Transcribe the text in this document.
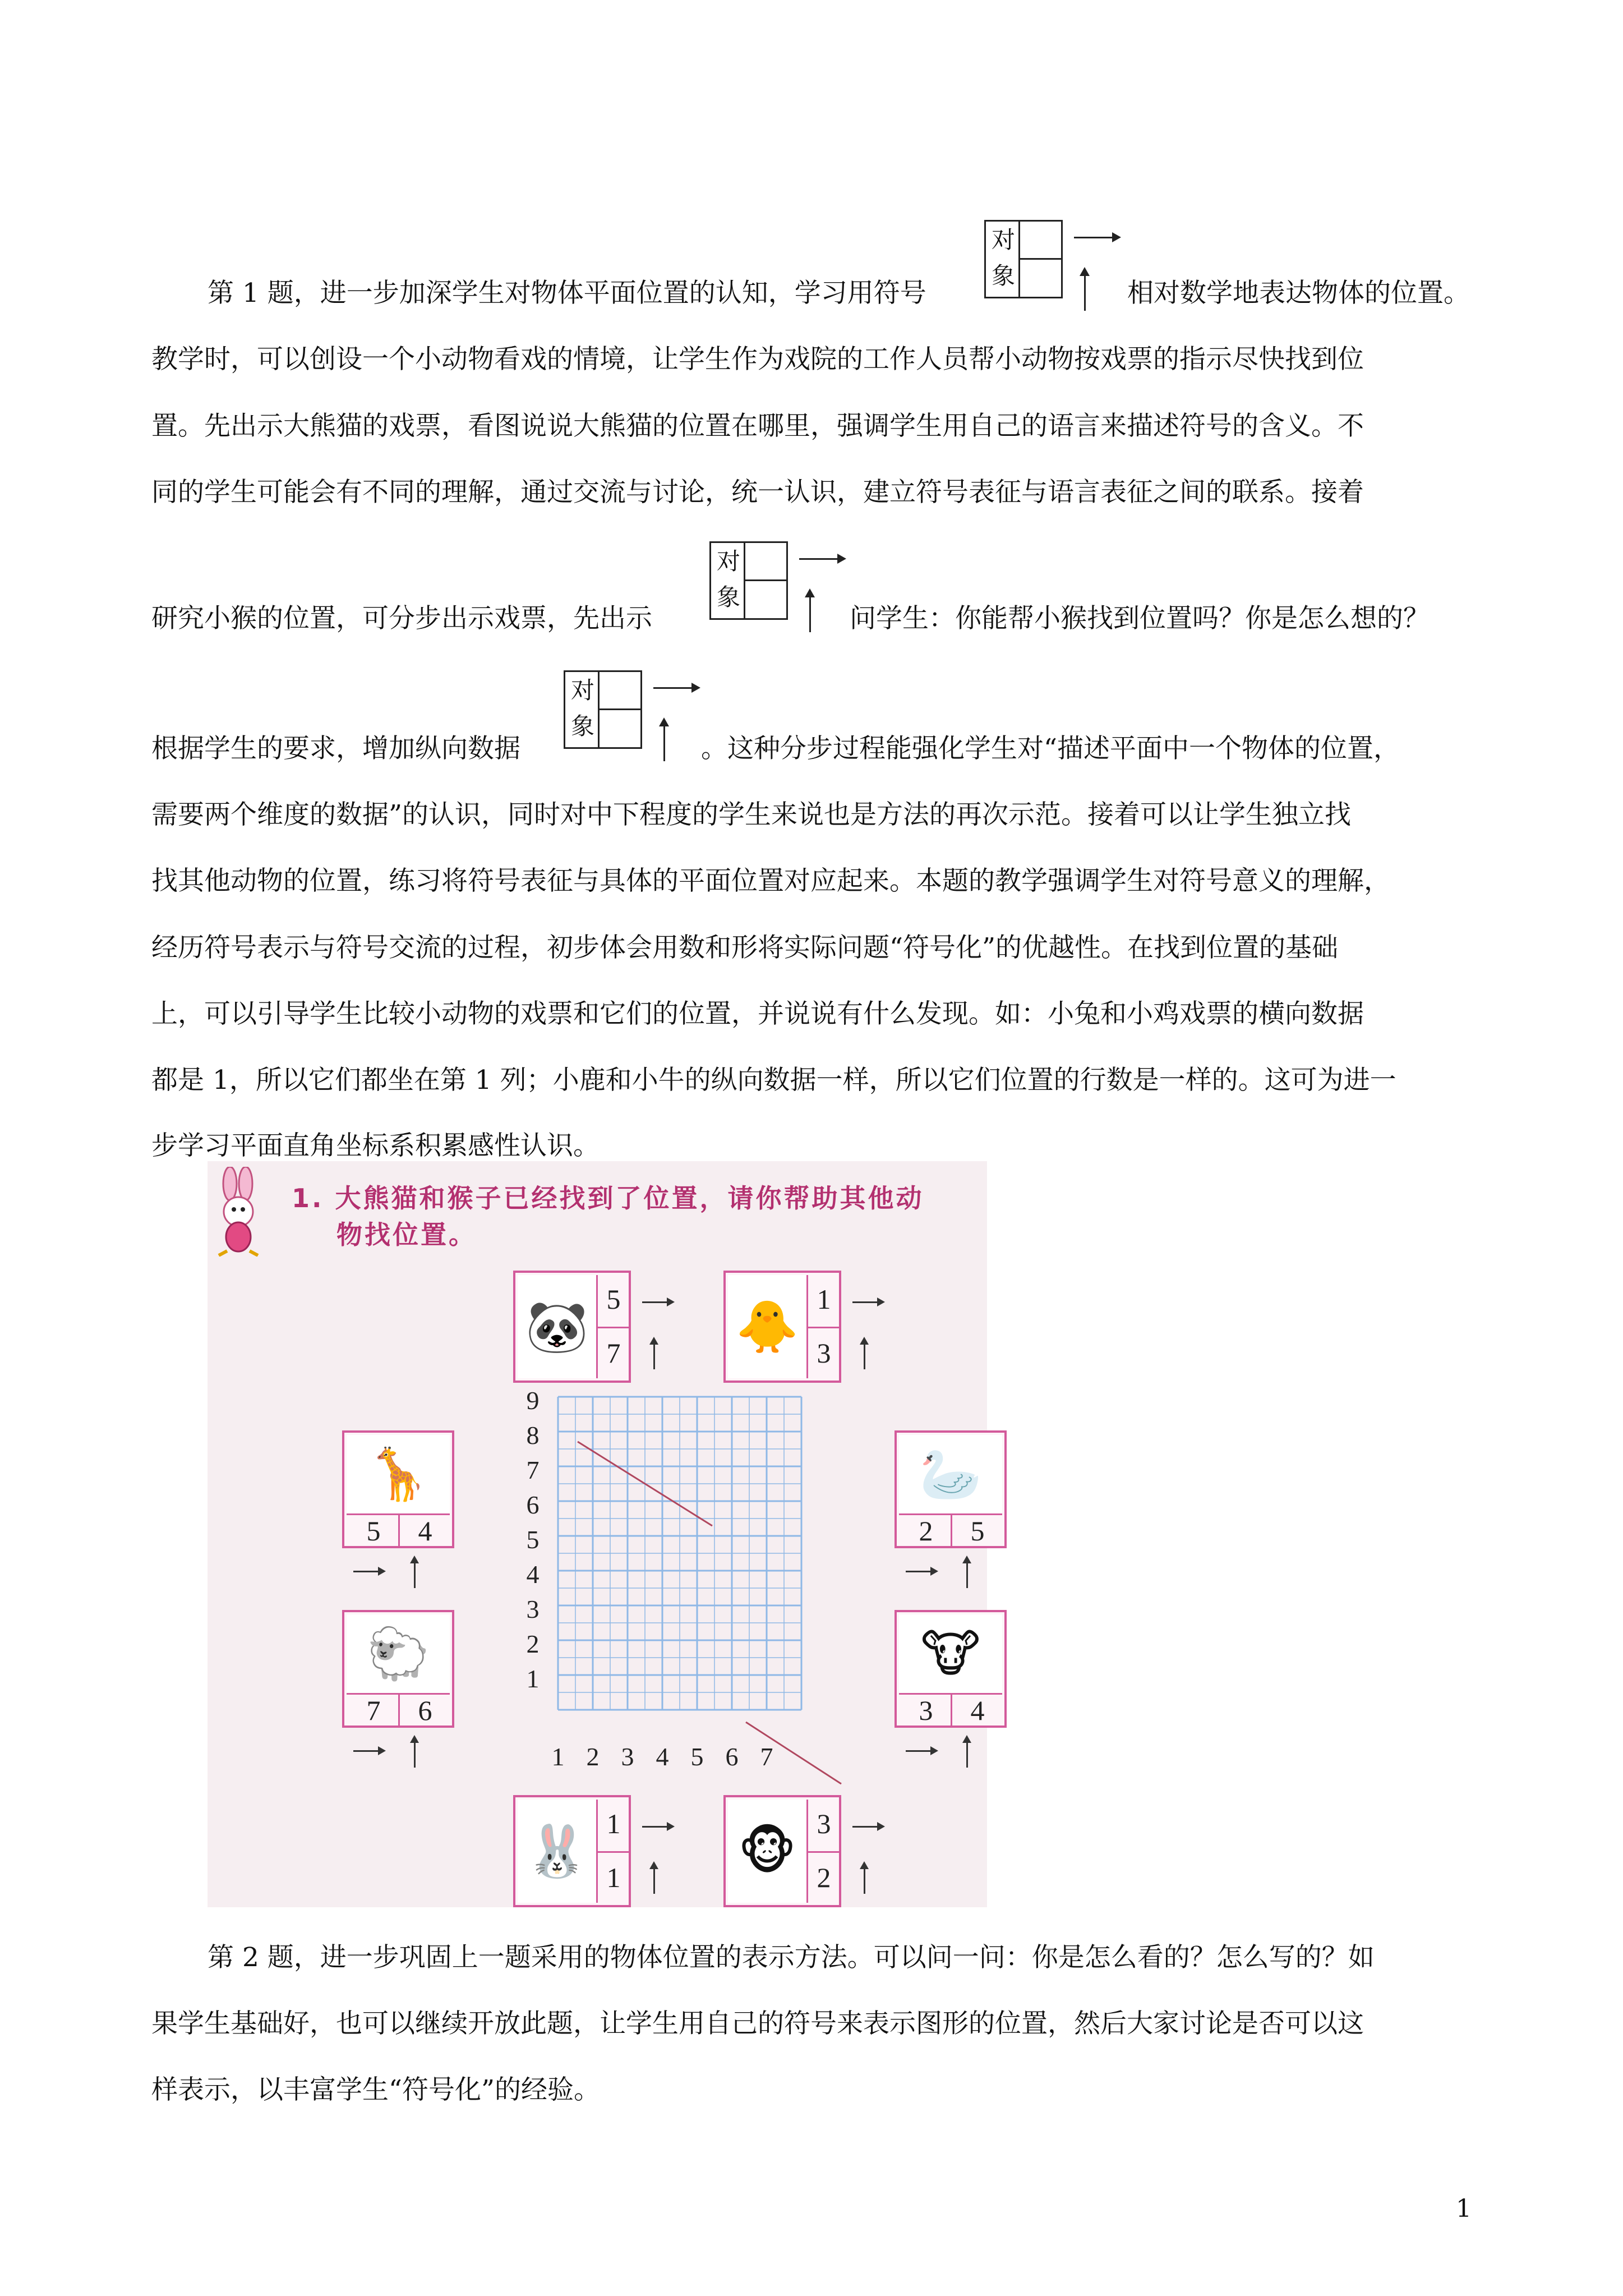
第 1 题，进一步加深学生对物体平面位置的认知，学习用符号
对
象
相对数学地表达物体的位置。
教学时，可以创设一个小动物看戏的情境，让学生作为戏院的工作人员帮小动物按戏票的指示尽快找到位
置。先出示大熊猫的戏票，看图说说大熊猫的位置在哪里，强调学生用自己的语言来描述符号的含义。不
同的学生可能会有不同的理解，通过交流与讨论，统一认识，建立符号表征与语言表征之间的联系。接着
研究小猴的位置，可分步出示戏票，先出示
对
象
问学生：你能帮小猴找到位置吗？你是怎么想的？
根据学生的要求，增加纵向数据
对
象
。这种分步过程能强化学生对“描述平面中一个物体的位置，
需要两个维度的数据”的认识，同时对中下程度的学生来说也是方法的再次示范。接着可以让学生独立找
找其他动物的位置，练习将符号表征与具体的平面位置对应起来。本题的教学强调学生对符号意义的理解，
经历符号表示与符号交流的过程，初步体会用数和形将实际问题“符号化”的优越性。在找到位置的基础
上，可以引导学生比较小动物的戏票和它们的位置，并说说有什么发现。如：小兔和小鸡戏票的横向数据
都是 1，所以它们都坐在第 1 列；小鹿和小牛的纵向数据一样，所以它们位置的行数是一样的。这可为进一
步学习平面直角坐标系积累感性认识。
1. 大熊猫和猴子已经找到了位置，请你帮助其他动
物找位置。
9
8
7
6
5
4
3
2
1
1 2 3 4 5 6 7
🐼 5
7 🐥 1
3
🦒
5	4
🐑
7	6
🦢
2	5
🐮
3	4
🐰 1
1 🐵 3
2
第 2 题，进一步巩固上一题采用的物体位置的表示方法。可以问一问：你是怎么看的？怎么写的？如
果学生基础好，也可以继续开放此题，让学生用自己的符号来表示图形的位置，然后大家讨论是否可以这
样表示，以丰富学生“符号化”的经验。
1
